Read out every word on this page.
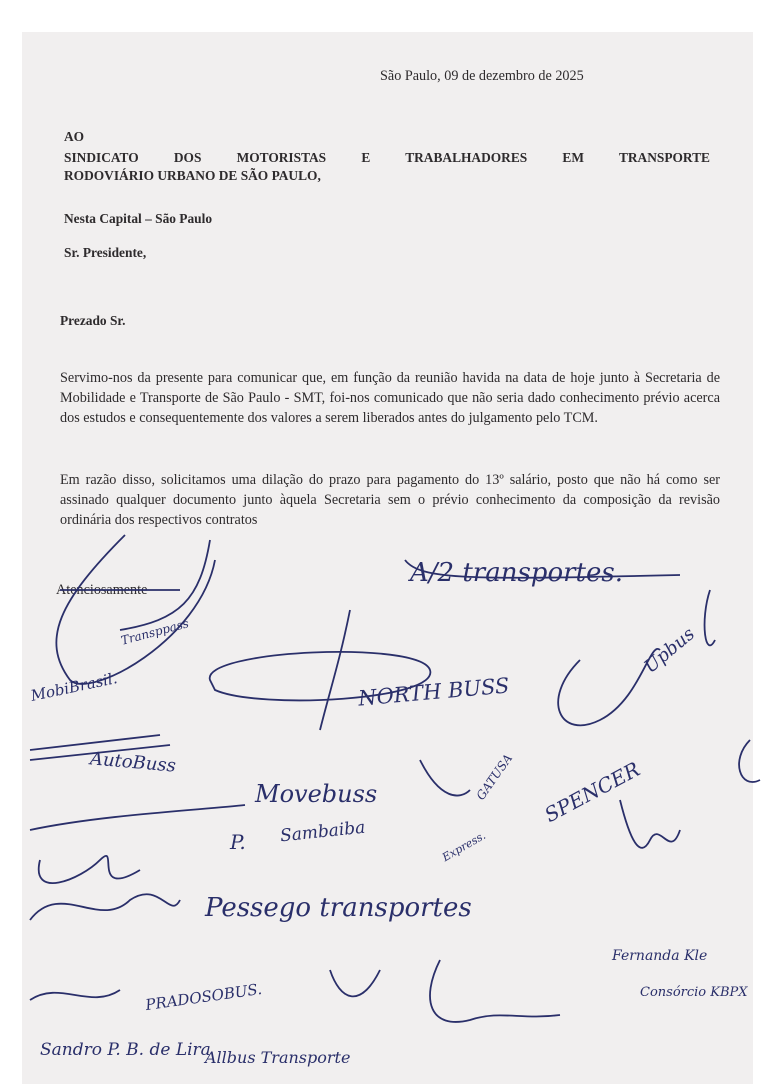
São Paulo, 09 de dezembro de 2025

AO

SINDICATO DOS MOTORISTAS E TRABALHADORES EM TRANSPORTE

RODOVIÁRIO URBANO DE SÃO PAULO,

Nesta Capital – São Paulo

Sr. Presidente,

Prezado Sr.

Servimo-nos da presente para comunicar que, em função da reunião havida na data de hoje junto à Secretaria de Mobilidade e Transporte de São Paulo - SMT, foi-nos comunicado que não seria dado conhecimento prévio acerca dos estudos e consequentemente dos valores a serem liberados antes do julgamento pelo TCM.

Em razão disso, solicitamos uma dilação do prazo para pagamento do 13º salário, posto que não há como ser assinado qualquer documento junto àquela Secretaria sem o prévio conhecimento da composição da revisão ordinária dos respectivos contratos

Atenciosamente

A/2 transportes.
Transppass
MobiBrasil.	NORTH BUSS
Upbus
AutoBuss
Movebuss	GATUSA SPENCER
Sambaiba
P.	Express.
Pessego transportes
Fernanda Kle
Consórcio KBPX
PRADOSOBUS.
Sandro P. B. de Lira
Allbus Transporte
